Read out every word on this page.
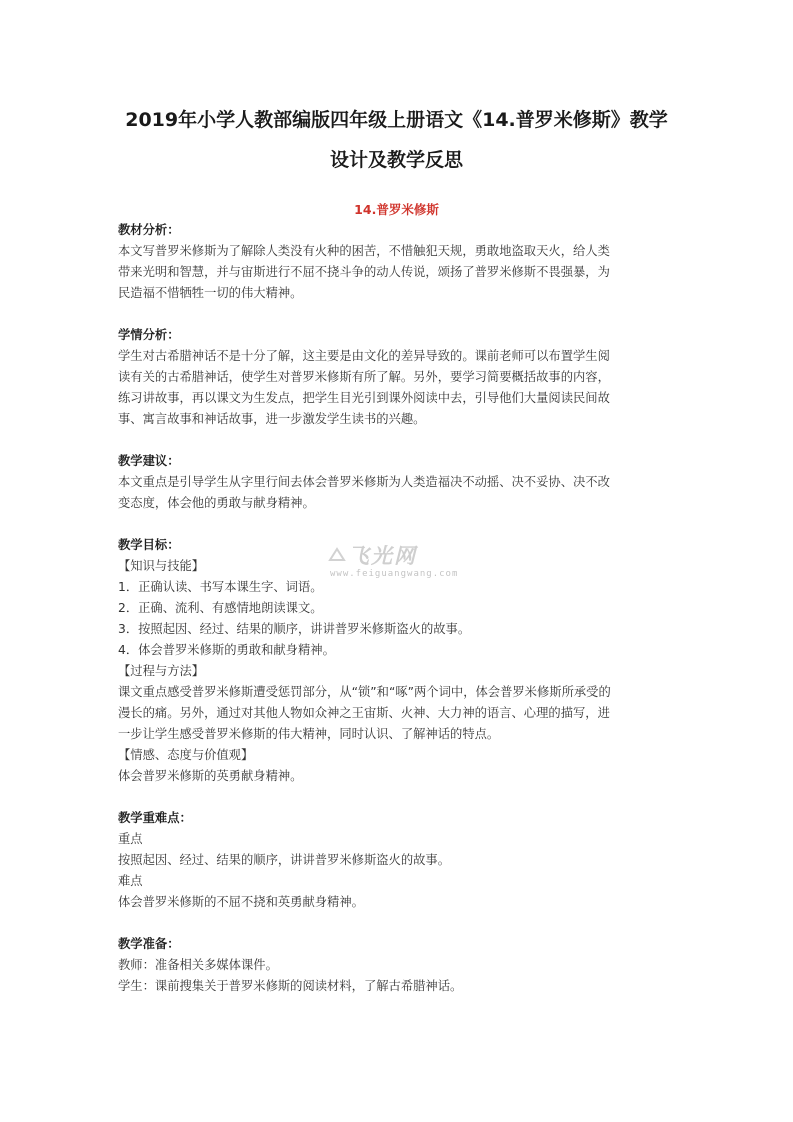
2019年小学人教部编版四年级上册语文《14.普罗米修斯》教学
设计及教学反思
14.普罗米修斯
教材分析：
本文写普罗米修斯为了解除人类没有火种的困苦，不惜触犯天规，勇敢地盗取天火，给人类
带来光明和智慧，并与宙斯进行不屈不挠斗争的动人传说，颂扬了普罗米修斯不畏强暴，为
民造福不惜牺牲一切的伟大精神。
学情分析：
学生对古希腊神话不是十分了解，这主要是由文化的差异导致的。课前老师可以布置学生阅
读有关的古希腊神话，使学生对普罗米修斯有所了解。另外，要学习简要概括故事的内容，
练习讲故事，再以课文为生发点，把学生目光引到课外阅读中去，引导他们大量阅读民间故
事、寓言故事和神话故事，进一步激发学生读书的兴趣。
教学建议：
本文重点是引导学生从字里行间去体会普罗米修斯为人类造福决不动摇、决不妥协、决不改
变态度，体会他的勇敢与献身精神。
教学目标：
【知识与技能】
1．正确认读、书写本课生字、词语。
2．正确、流利、有感情地朗读课文。
3．按照起因、经过、结果的顺序，讲讲普罗米修斯盗火的故事。
4．体会普罗米修斯的勇敢和献身精神。
【过程与方法】
课文重点感受普罗米修斯遭受惩罚部分，从“锁”和“啄”两个词中，体会普罗米修斯所承受的
漫长的痛。另外，通过对其他人物如众神之王宙斯、火神、大力神的语言、心理的描写，进
一步让学生感受普罗米修斯的伟大精神，同时认识、了解神话的特点。
【情感、态度与价值观】
体会普罗米修斯的英勇献身精神。
教学重难点：
重点
按照起因、经过、结果的顺序，讲讲普罗米修斯盗火的故事。
难点
体会普罗米修斯的不屈不挠和英勇献身精神。
教学准备：
教师：准备相关多媒体课件。
学生：课前搜集关于普罗米修斯的阅读材料，了解古希腊神话。
飞光网
www.feiguangwang.com
